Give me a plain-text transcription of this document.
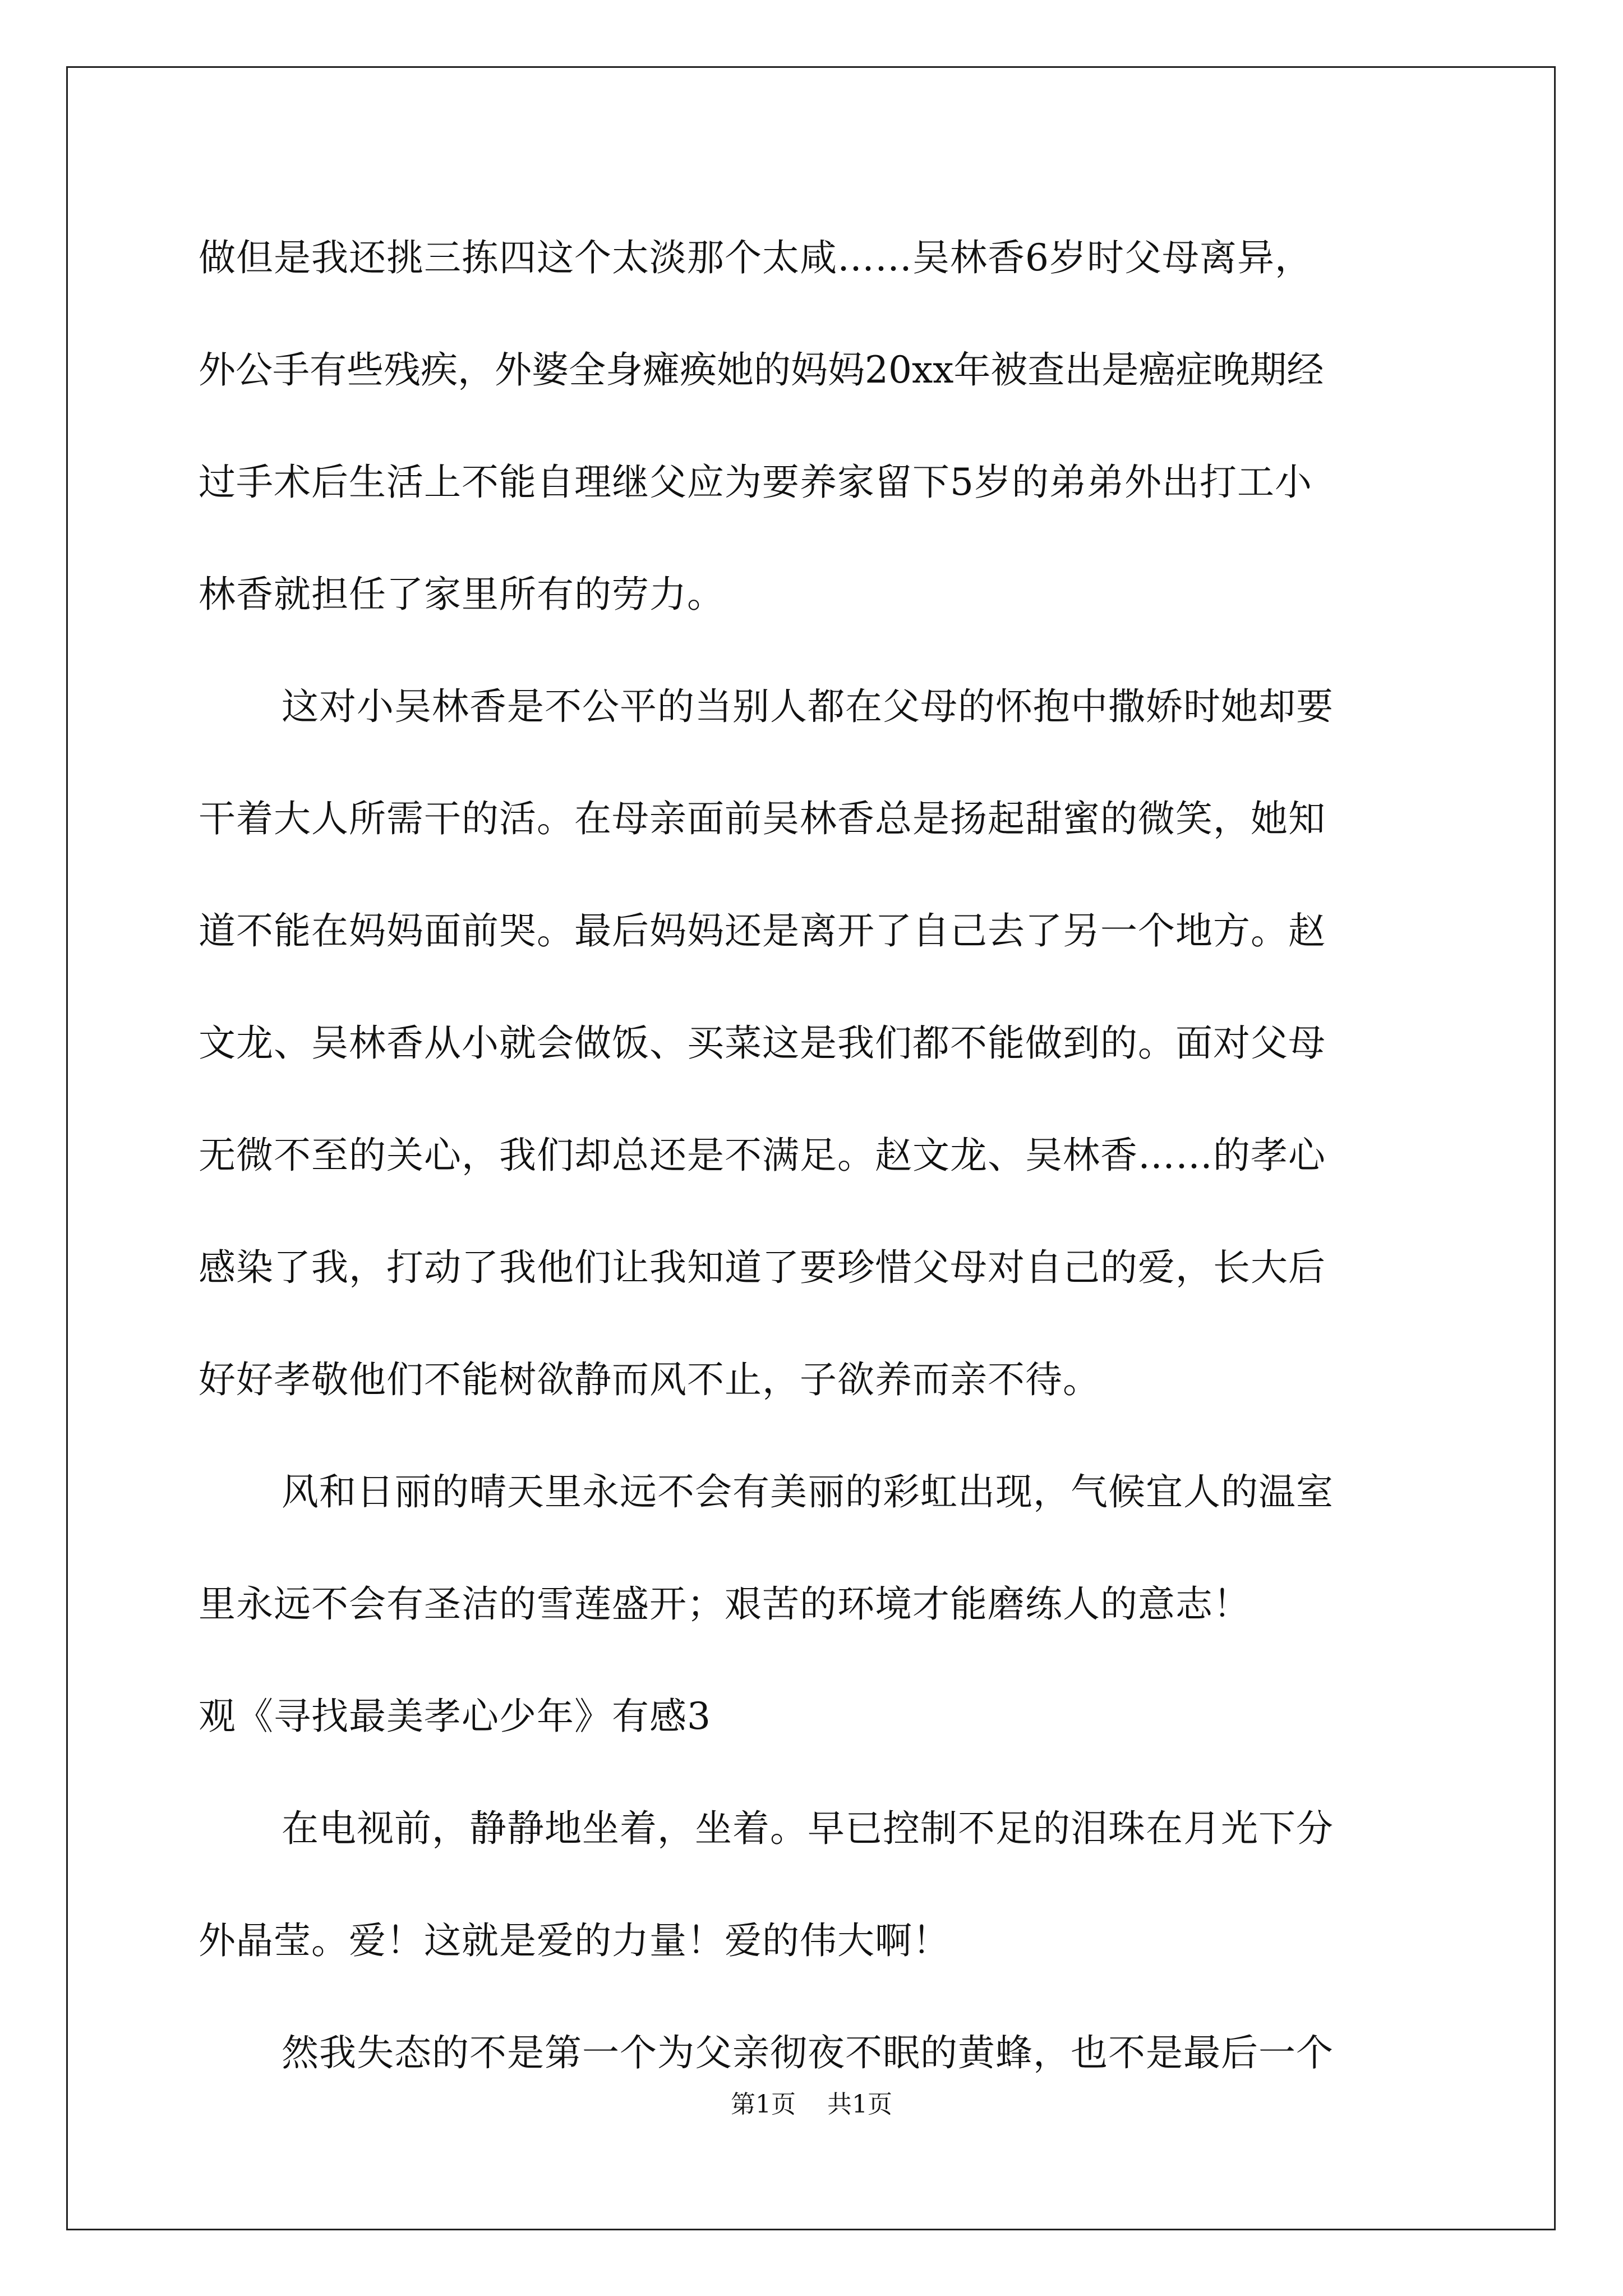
做但是我还挑三拣四这个太淡那个太咸……吴林香6岁时父母离异，
外公手有些残疾，外婆全身瘫痪她的妈妈20xx年被查出是癌症晚期经
过手术后生活上不能自理继父应为要养家留下5岁的弟弟外出打工小
林香就担任了家里所有的劳力。
这对小吴林香是不公平的当别人都在父母的怀抱中撒娇时她却要
干着大人所需干的活。在母亲面前吴林香总是扬起甜蜜的微笑，她知
道不能在妈妈面前哭。最后妈妈还是离开了自己去了另一个地方。赵
文龙、吴林香从小就会做饭、买菜这是我们都不能做到的。面对父母
无微不至的关心，我们却总还是不满足。赵文龙、吴林香……的孝心
感染了我，打动了我他们让我知道了要珍惜父母对自己的爱，长大后
好好孝敬他们不能树欲静而风不止，子欲养而亲不待。
风和日丽的晴天里永远不会有美丽的彩虹出现，气候宜人的温室
里永远不会有圣洁的雪莲盛开；艰苦的环境才能磨练人的意志！
观《寻找最美孝心少年》有感3
在电视前，静静地坐着，坐着。早已控制不足的泪珠在月光下分
外晶莹。爱！这就是爱的力量！爱的伟大啊！
然我失态的不是第一个为父亲彻夜不眠的黄蜂，也不是最后一个
第1页 共1页
